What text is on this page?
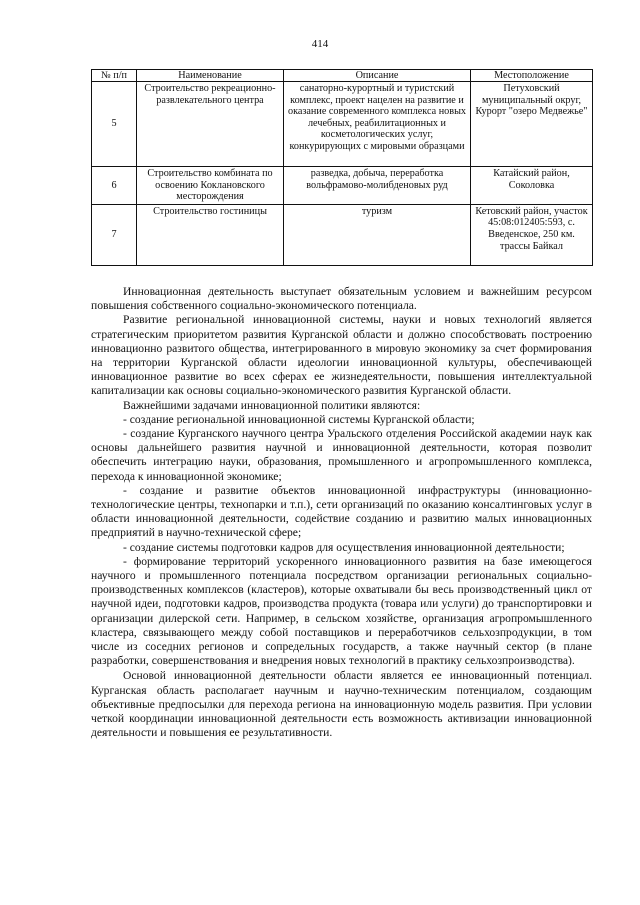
414
№ п/п	Наименование	Описание	Местоположение
5	Строительство рекреационно-развлекательного центра	санаторно-курортный и туристский комплекс, проект нацелен на развитие и оказание современного комплекса новых лечебных, реабилитационных и косметологических услуг, конкурирующих с мировыми образцами	Петуховский муниципальный округ, Курорт "озеро Медвежье"
6	Строительство комбината по освоению Коклановского месторождения	разведка, добыча, переработка вольфрамово-молибденовых руд	Катайский район, Соколовка
7	Строительство гостиницы	туризм	Кетовский район, участок 45:08:012405:593, с. Введенское, 250 км. трассы Байкал

Инновационная деятельность выступает обязательным условием и важнейшим ресурсом повышения собственного социально-экономического потенциала.

Развитие региональной инновационной системы, науки и новых технологий является стратегическим приоритетом развития Курганской области и должно способствовать построению инновационно развитого общества, интегрированного в мировую экономику за счет формирования на территории Курганской области идеологии инновационной культуры, обеспечивающей инновационное развитие во всех сферах ее жизнедеятельности, повышения интеллектуальной капитализации как основы социально-экономического развития Курганской области.

Важнейшими задачами инновационной политики являются:

- создание региональной инновационной системы Курганской области;

- создание Курганского научного центра Уральского отделения Российской академии наук как основы дальнейшего развития научной и инновационной деятельности, которая позволит обеспечить интеграцию науки, образования, промышленного и агропромышленного комплекса, перехода к инновационной экономике;

- создание и развитие объектов инновационной инфраструктуры (инновационно-технологические центры, технопарки и т.п.), сети организаций по оказанию консалтинговых услуг в области инновационной деятельности, содействие созданию и развитию малых инновационных предприятий в научно-технической сфере;

- создание системы подготовки кадров для осуществления инновационной деятельности;

- формирование территорий ускоренного инновационного развития на базе имеющегося научного и промышленного потенциала посредством организации региональных социально-производственных комплексов (кластеров), которые охватывали бы весь производственный цикл от научной идеи, подготовки кадров, производства продукта (товара или услуги) до транспортировки и организации дилерской сети. Например, в сельском хозяйстве, организация агропромышленного кластера, связывающего между собой поставщиков и переработчиков сельхозпродукции, в том числе из соседних регионов и сопредельных государств, а также научный сектор (в плане разработки, совершенствования и внедрения новых технологий в практику сельхозпроизводства).

Основой инновационной деятельности области является ее инновационный потенциал. Курганская область располагает научным и научно-техническим потенциалом, создающим объективные предпосылки для перехода региона на инновационную модель развития. При условии четкой координации инновационной деятельности есть возможность активизации инновационной деятельности и повышения ее результативности.
